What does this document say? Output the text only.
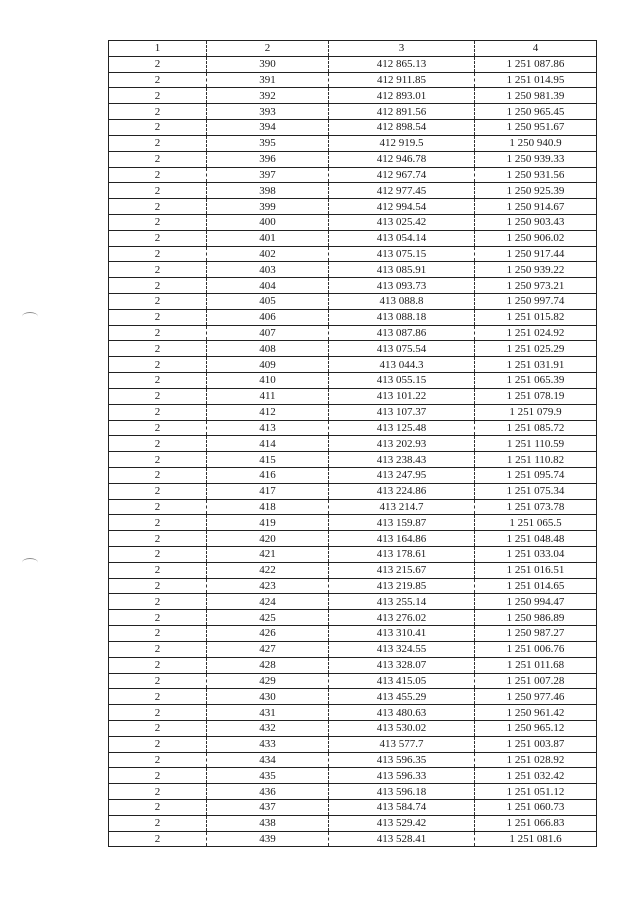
1	2	3	4
2	390	412 865.13	1 251 087.86
2	391	412 911.85	1 251 014.95
2	392	412 893.01	1 250 981.39
2	393	412 891.56	1 250 965.45
2	394	412 898.54	1 250 951.67
2	395	412 919.5	1 250 940.9
2	396	412 946.78	1 250 939.33
2	397	412 967.74	1 250 931.56
2	398	412 977.45	1 250 925.39
2	399	412 994.54	1 250 914.67
2	400	413 025.42	1 250 903.43
2	401	413 054.14	1 250 906.02
2	402	413 075.15	1 250 917.44
2	403	413 085.91	1 250 939.22
2	404	413 093.73	1 250 973.21
2	405	413 088.8	1 250 997.74
2	406	413 088.18	1 251 015.82
2	407	413 087.86	1 251 024.92
2	408	413 075.54	1 251 025.29
2	409	413 044.3	1 251 031.91
2	410	413 055.15	1 251 065.39
2	411	413 101.22	1 251 078.19
2	412	413 107.37	1 251 079.9
2	413	413 125.48	1 251 085.72
2	414	413 202.93	1 251 110.59
2	415	413 238.43	1 251 110.82
2	416	413 247.95	1 251 095.74
2	417	413 224.86	1 251 075.34
2	418	413 214.7	1 251 073.78
2	419	413 159.87	1 251 065.5
2	420	413 164.86	1 251 048.48
2	421	413 178.61	1 251 033.04
2	422	413 215.67	1 251 016.51
2	423	413 219.85	1 251 014.65
2	424	413 255.14	1 250 994.47
2	425	413 276.02	1 250 986.89
2	426	413 310.41	1 250 987.27
2	427	413 324.55	1 251 006.76
2	428	413 328.07	1 251 011.68
2	429	413 415.05	1 251 007.28
2	430	413 455.29	1 250 977.46
2	431	413 480.63	1 250 961.42
2	432	413 530.02	1 250 965.12
2	433	413 577.7	1 251 003.87
2	434	413 596.35	1 251 028.92
2	435	413 596.33	1 251 032.42
2	436	413 596.18	1 251 051.12
2	437	413 584.74	1 251 060.73
2	438	413 529.42	1 251 066.83
2	439	413 528.41	1 251 081.6
